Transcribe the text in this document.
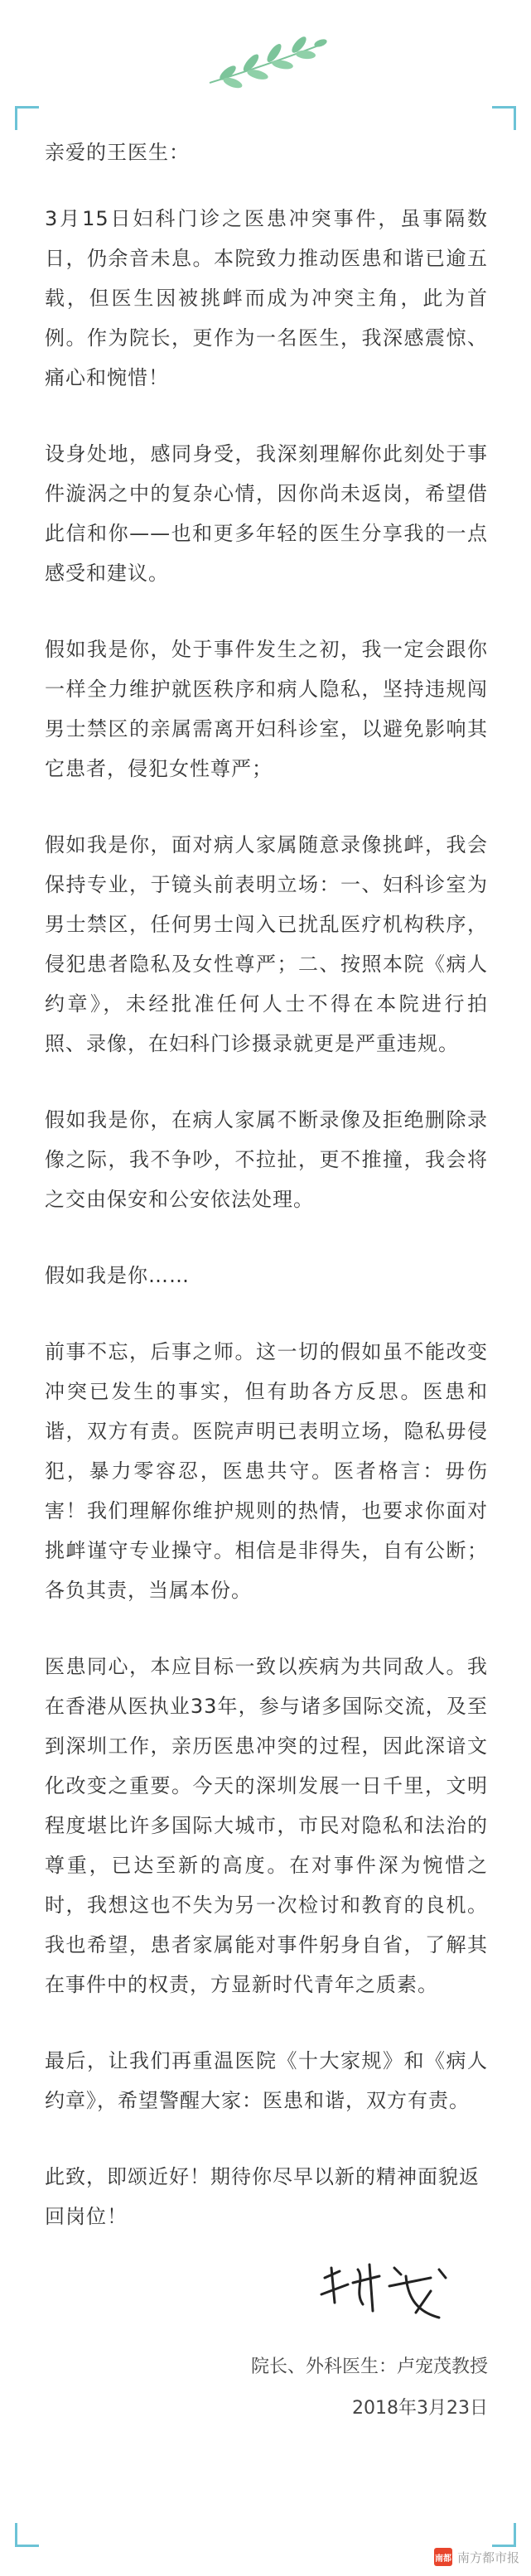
亲爱的王医生：

3月15日妇科门诊之医患冲突事件，虽事隔数日，仍余音未息。本院致力推动医患和谐已逾五载，但医生因被挑衅而成为冲突主角，此为首例。作为院长，更作为一名医生，我深感震惊、痛心和惋惜！

设身处地，感同身受，我深刻理解你此刻处于事件漩涡之中的复杂心情，因你尚未返岗，希望借此信和你——也和更多年轻的医生分享我的一点感受和建议。

假如我是你，处于事件发生之初，我一定会跟你一样全力维护就医秩序和病人隐私，坚持违规闯男士禁区的亲属需离开妇科诊室，以避免影响其它患者，侵犯女性尊严；

假如我是你，面对病人家属随意录像挑衅，我会保持专业，于镜头前表明立场：一、妇科诊室为男士禁区，任何男士闯入已扰乱医疗机构秩序，侵犯患者隐私及女性尊严；二、按照本院《病人约章》，未经批准任何人士不得在本院进行拍照、录像，在妇科门诊摄录就更是严重违规。

假如我是你，在病人家属不断录像及拒绝删除录像之际，我不争吵，不拉扯，更不推撞，我会将之交由保安和公安依法处理。

假如我是你……

前事不忘，后事之师。这一切的假如虽不能改变冲突已发生的事实，但有助各方反思。医患和谐，双方有责。医院声明已表明立场，隐私毋侵犯，暴力零容忍，医患共守。医者格言：毋伤害！我们理解你维护规则的热情，也要求你面对挑衅谨守专业操守。相信是非得失，自有公断；各负其责，当属本份。

医患同心，本应目标一致以疾病为共同敌人。我在香港从医执业33年，参与诸多国际交流，及至到深圳工作，亲历医患冲突的过程，因此深谙文化改变之重要。今天的深圳发展一日千里，文明程度堪比许多国际大城市，市民对隐私和法治的尊重，已达至新的高度。在对事件深为惋惜之时，我想这也不失为另一次检讨和教育的良机。我也希望，患者家属能对事件躬身自省，了解其在事件中的权责，方显新时代青年之质素。

最后，让我们再重温医院《十大家规》和《病人约章》，希望警醒大家：医患和谐，双方有责。

此致，即颂近好！期待你尽早以新的精神面貌返回岗位！

院长、外科医生：卢宠茂教授
2018年3月23日
南都 南方都市报
